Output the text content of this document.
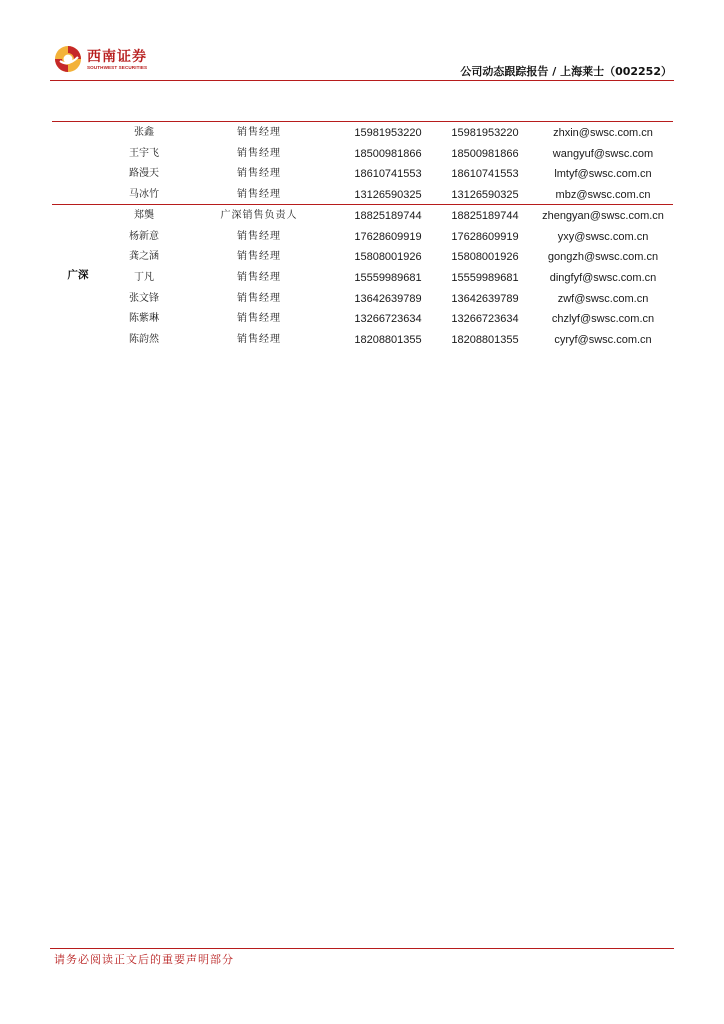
西南证券
SOUTHWEST SECURITIES	公司动态跟踪报告 / 上海莱士（002252）
广深
张鑫	销售经理	15981953220	15981953220	zhxin@swsc.com.cn
王宇飞	销售经理	18500981866	18500981866	wangyuf@swsc.com
路漫天	销售经理	18610741553	18610741553	lmtyf@swsc.com.cn
马冰竹	销售经理	13126590325	13126590325	mbz@swsc.com.cn
郑龑	广深销售负责人	18825189744	18825189744	zhengyan@swsc.com.cn
杨新意	销售经理	17628609919	17628609919	yxy@swsc.com.cn
龚之涵	销售经理	15808001926	15808001926	gongzh@swsc.com.cn
丁凡	销售经理	15559989681	15559989681	dingfyf@swsc.com.cn
张文锋	销售经理	13642639789	13642639789	zwf@swsc.com.cn
陈紫琳	销售经理	13266723634	13266723634	chzlyf@swsc.com.cn
陈韵然	销售经理	18208801355	18208801355	cyryf@swsc.com.cn
请务必阅读正文后的重要声明部分
